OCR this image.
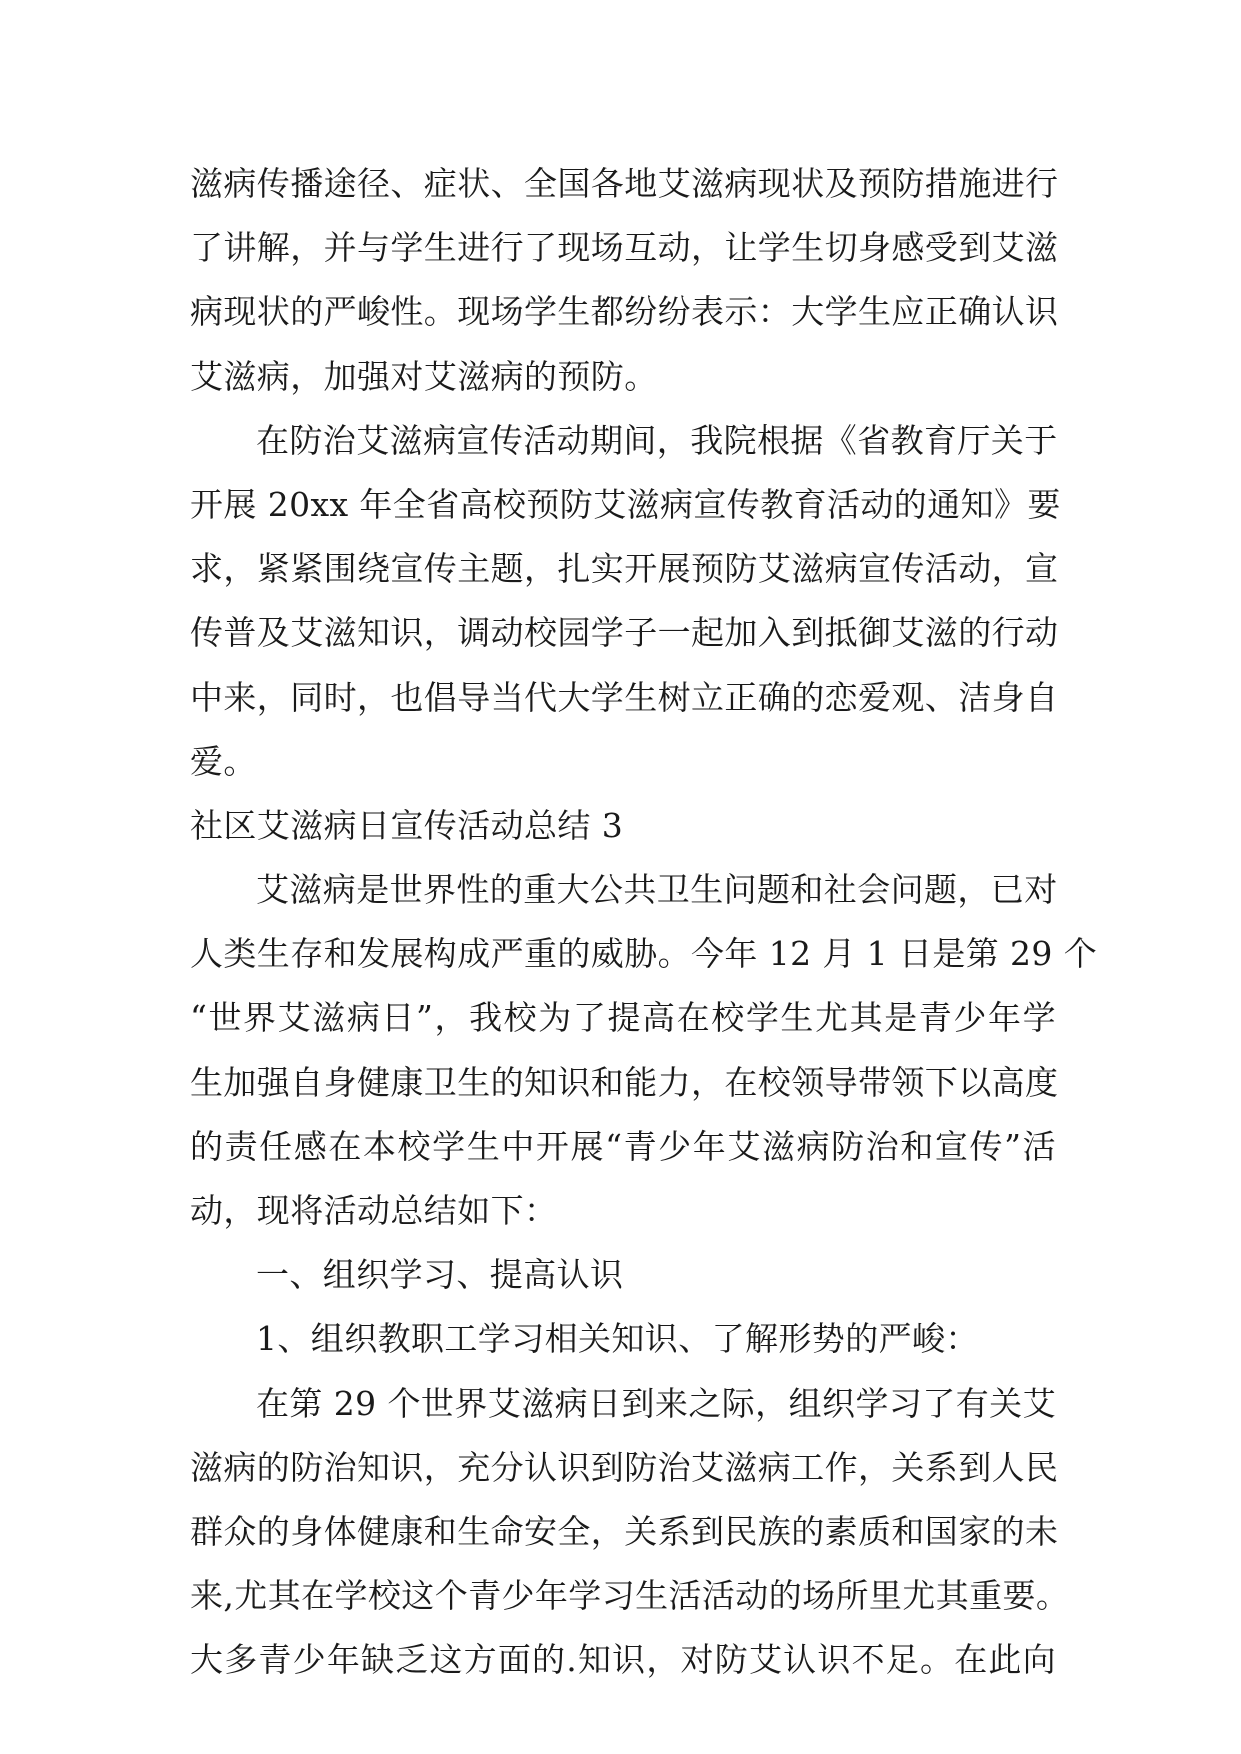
滋病传播途径、症状、全国各地艾滋病现状及预防措施进行
了讲解，并与学生进行了现场互动，让学生切身感受到艾滋
病现状的严峻性。现场学生都纷纷表示：大学生应正确认识
艾滋病，加强对艾滋病的预防。
在防治艾滋病宣传活动期间，我院根据《省教育厅关于
开展 20xx 年全省高校预防艾滋病宣传教育活动的通知》要
求，紧紧围绕宣传主题，扎实开展预防艾滋病宣传活动，宣
传普及艾滋知识，调动校园学子一起加入到抵御艾滋的行动
中来，同时，也倡导当代大学生树立正确的恋爱观、洁身自
爱。
社区艾滋病日宣传活动总结 3
艾滋病是世界性的重大公共卫生问题和社会问题，已对
人类生存和发展构成严重的威胁。今年 12 月 1 日是第 29 个
“世界艾滋病日”，我校为了提高在校学生尤其是青少年学
生加强自身健康卫生的知识和能力，在校领导带领下以高度
的责任感在本校学生中开展“青少年艾滋病防治和宣传”活
动，现将活动总结如下：
一、组织学习、提高认识
1、组织教职工学习相关知识、了解形势的严峻：
在第 29 个世界艾滋病日到来之际，组织学习了有关艾
滋病的防治知识，充分认识到防治艾滋病工作，关系到人民
群众的身体健康和生命安全，关系到民族的素质和国家的未
来,尤其在学校这个青少年学习生活活动的场所里尤其重要。
大多青少年缺乏这方面的.知识，对防艾认识不足。在此向
